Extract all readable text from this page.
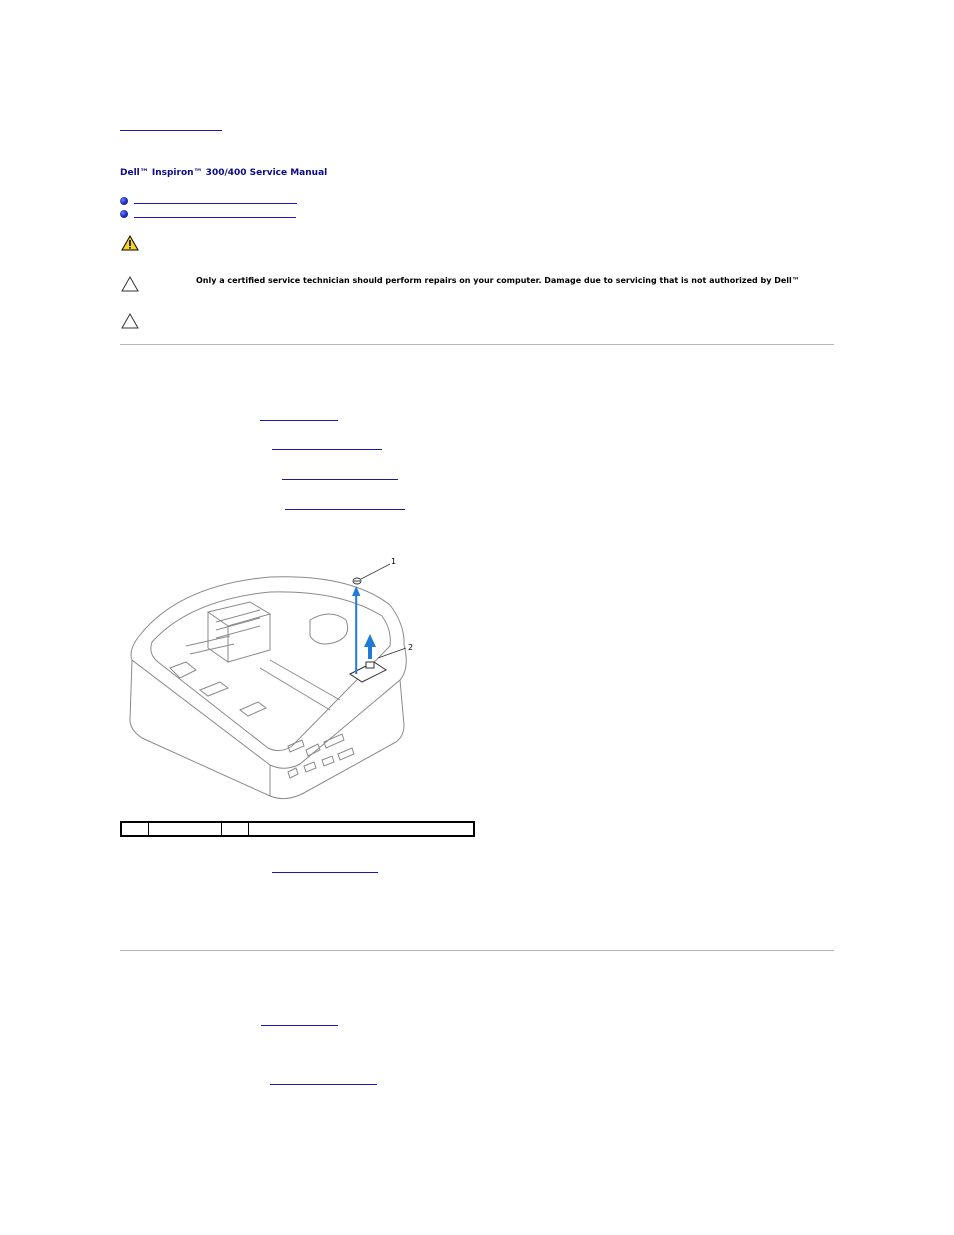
Dell™ Inspiron™ 300/400 Service Manual
Only a certified service technician should perform repairs on your computer. Damage due to servicing that is not authorized by Dell™
1
2
